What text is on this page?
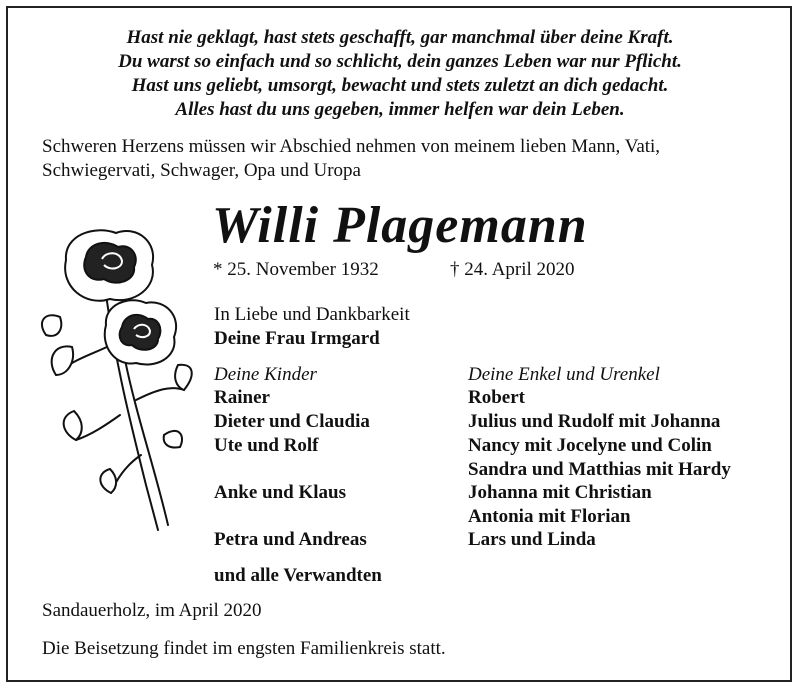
Hast nie geklagt, hast stets geschafft, gar manchmal über deine Kraft.
Du warst so einfach und so schlicht, dein ganzes Leben war nur Pflicht.
Hast uns geliebt, umsorgt, bewacht und stets zuletzt an dich gedacht.
Alles hast du uns gegeben, immer helfen war dein Leben.
Schweren Herzens müssen wir Abschied nehmen von meinem lieben Mann, Vati,
Schwiegervati, Schwager, Opa und Uropa
Willi Plagemann
* 25. November 1932	† 24. April 2020
In Liebe und Dankbarkeit
Deine Frau Irmgard
Deine Kinder
Rainer
Dieter und Claudia
Ute und Rolf
Anke und Klaus
Petra und Andreas
und alle Verwandten
Deine Enkel und Urenkel
Robert
Julius und Rudolf mit Johanna
Nancy mit Jocelyne und Colin
Sandra und Matthias mit Hardy
Johanna mit Christian
Antonia mit Florian
Lars und Linda
Sandauerholz, im April 2020
Die Beisetzung findet im engsten Familienkreis statt.
